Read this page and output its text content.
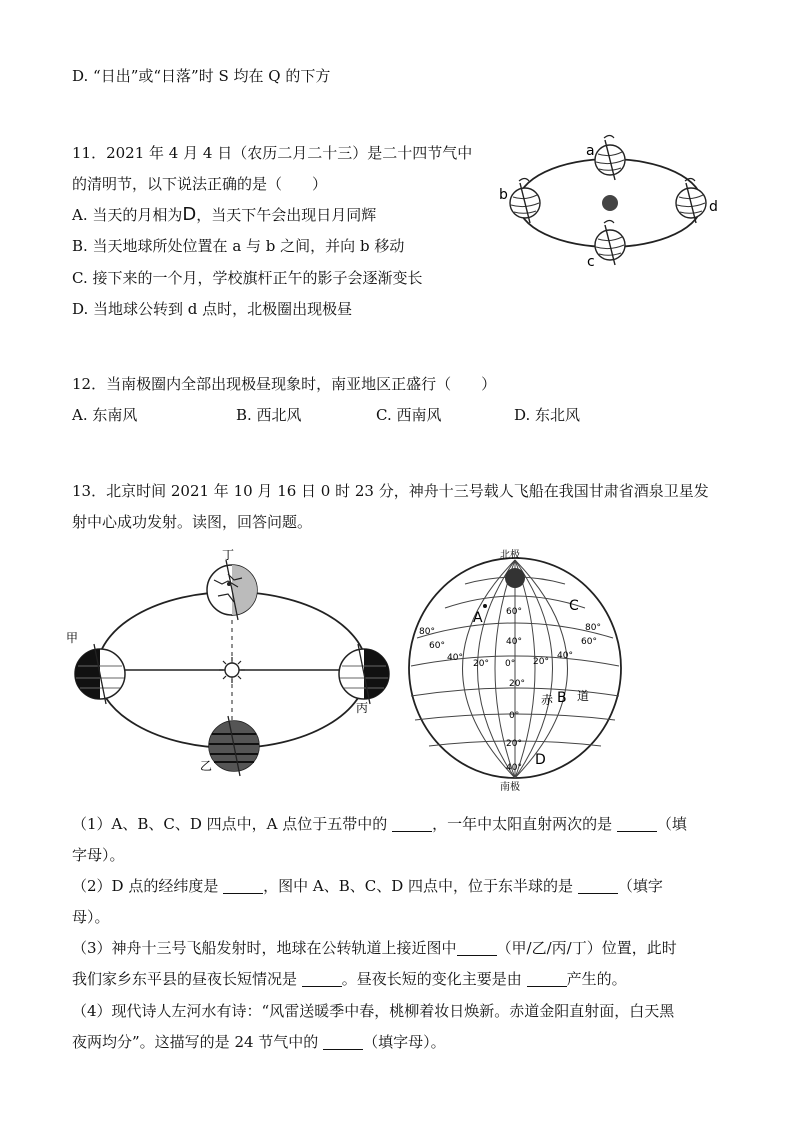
D. “日出”或“日落”时 S 均在 Q 的下方
11．2021 年 4 月 4 日（农历二月二十三）是二十四节气中
的清明节，以下说法正确的是（　　）
A. 当天的月相为D，当天下午会出现日月同辉
B. 当天地球所处位置在 a 与 b 之间，并向 b 移动
C. 接下来的一个月，学校旗杆正午的影子会逐渐变长
D. 当地球公转到 d 点时，北极圈出现极昼
a
b
c
d
12．当南极圈内全部出现极昼现象时，南亚地区正盛行（　　）
A. 东南风	B. 西北风	C. 西南风	D. 东北风
13．北京时间 2021 年 10 月 16 日 0 时 23 分，神舟十三号载人飞船在我国甘肃省酒泉卫星发
射中心成功发射。读图，回答问题。
丁
甲
丙
乙
北极
南极
A
C
B
D
赤 道
60°
40°
20°
0°
20°
40°
80°
60°
40°
20° 0° 20°
40°
60°
80°
（1）A、B、C、D 四点中，A 点位于五带中的	，一年中太阳直射两次的是	（填
字母）。
（2）D 点的经纬度是	，图中 A、B、C、D 四点中，位于东半球的是	（填字
母）。
（3）神舟十三号飞船发射时，地球在公转轨道上接近图中	（甲/乙/丙/丁）位置，此时
我们家乡东平县的昼夜长短情况是	。昼夜长短的变化主要是由	产生的。
（4）现代诗人左河水有诗：“风雷送暖季中春，桃柳着妆日焕新。赤道金阳直射面，白天黑
夜两均分”。这描写的是 24 节气中的	（填字母）。
